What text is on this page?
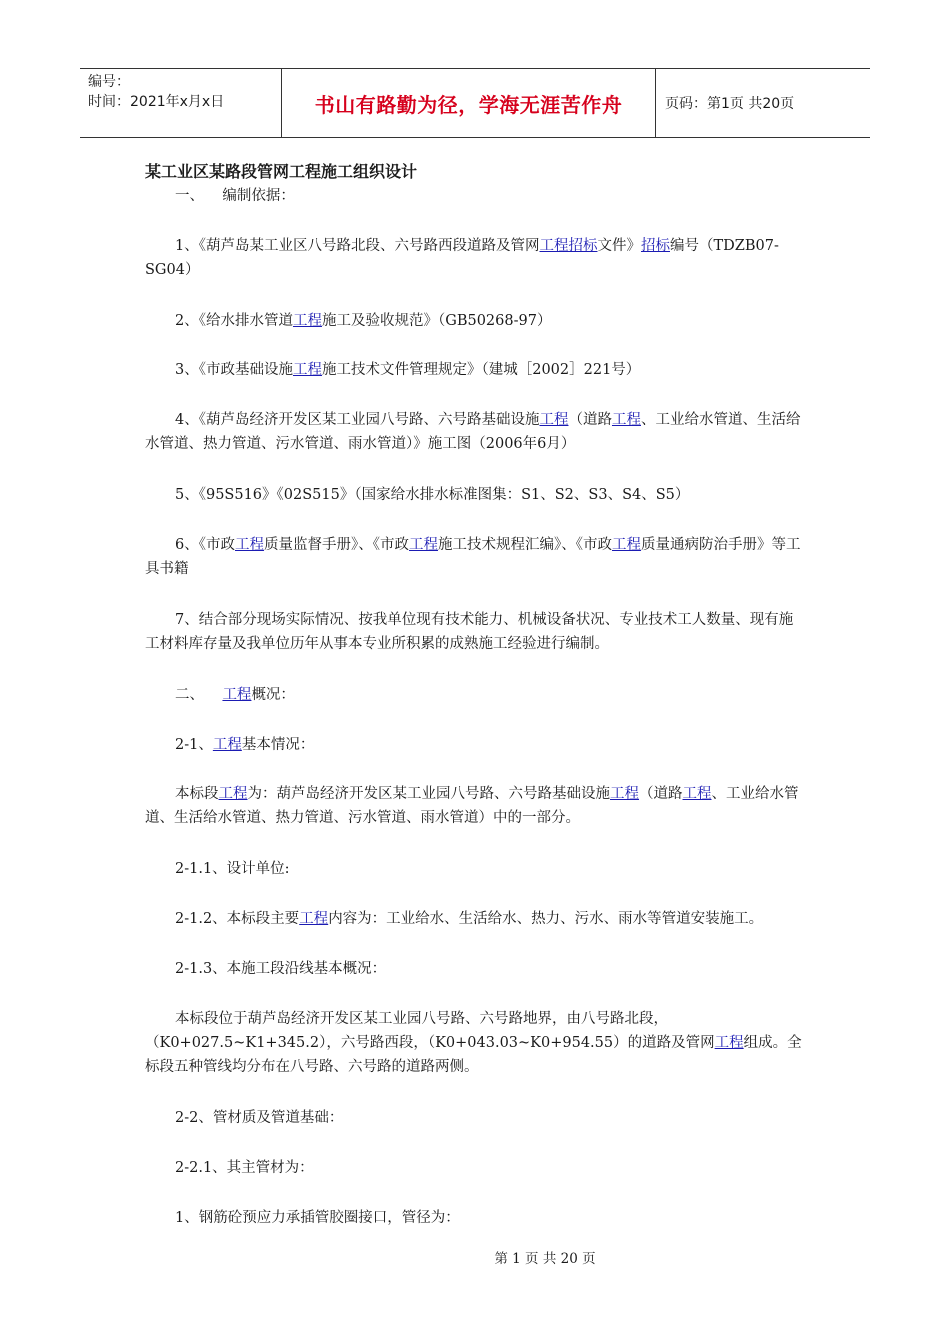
编号：
时间：2021年x月x日	书山有路勤为径，学海无涯苦作舟	页码：第1页 共20页
某工业区某路段管网工程施工组织设计

一、    编制依据：

1、《葫芦岛某工业区八号路北段、六号路西段道路及管网工程招标文件》招标编号（TDZB07-SG04）

2、《给水排水管道工程施工及验收规范》（GB50268-97）

3、《市政基础设施工程施工技术文件管理规定》（建城［2002］221号）

4、《葫芦岛经济开发区某工业园八号路、六号路基础设施工程（道路工程、工业给水管道、生活给水管道、热力管道、污水管道、雨水管道）》施工图（2006年6月）

5、《95S516》《02S515》（国家给水排水标准图集：S1、S2、S3、S4、S5）

6、《市政工程质量监督手册》、《市政工程施工技术规程汇编》、《市政工程质量通病防治手册》等工具书籍

7、结合部分现场实际情况、按我单位现有技术能力、机械设备状况、专业技术工人数量、现有施工材料库存量及我单位历年从事本专业所积累的成熟施工经验进行编制。

二、    工程概况：

2-1、工程基本情况：

本标段工程为：葫芦岛经济开发区某工业园八号路、六号路基础设施工程（道路工程、工业给水管道、生活给水管道、热力管道、污水管道、雨水管道）中的一部分。

2-1.1、设计单位:

2-1.2、本标段主要工程内容为：工业给水、生活给水、热力、污水、雨水等管道安装施工。

2-1.3、本施工段沿线基本概况：

本标段位于葫芦岛经济开发区某工业园八号路、六号路地界，由八号路北段，（K0+027.5~K1+345.2），六号路西段，（K0+043.03~K0+954.55）的道路及管网工程组成。全标段五种管线均分布在八号路、六号路的道路两侧。

2-2、管材质及管道基础：

2-2.1、其主管材为：

1、钢筋砼预应力承插管胶圈接口，管径为：

第 1 页 共 20 页
